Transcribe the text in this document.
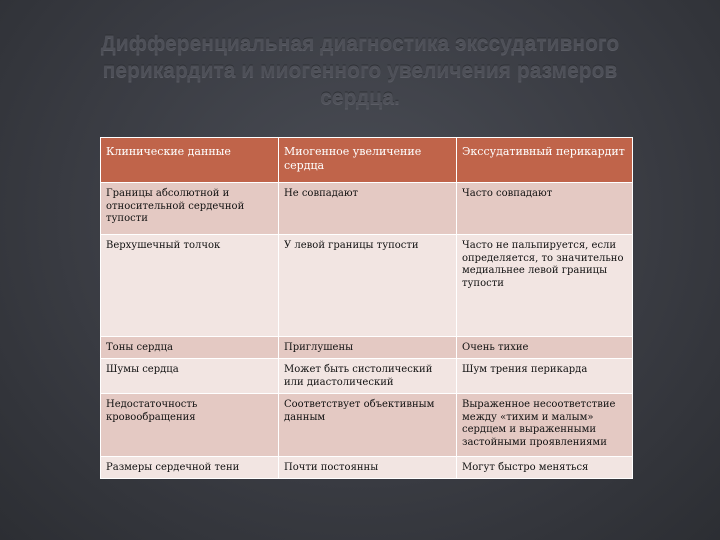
Дифференциальная диагностика экссудативного
перикардита и миогенного увеличения размеров
сердца.
Клинические данные	Миогенное увеличение сердца	Экссудативный перикардит
Границы абсолютной и относительной сердечной тупости	Не совпадают	Часто совпадают
Верхушечный толчок	У левой границы тупости	Часто не пальпируется, если определяется, то значительно медиальнее левой границы тупости
Тоны сердца	Приглушены	Очень тихие
Шумы сердца	Может быть систолический или диастолический	Шум трения перикарда
Недостаточность кровообращения	Соответствует объективным данным	Выраженное несоответствие между «тихим и малым» сердцем и выраженными застойными проявлениями
Размеры сердечной тени	Почти постоянны	Могут быстро меняться
